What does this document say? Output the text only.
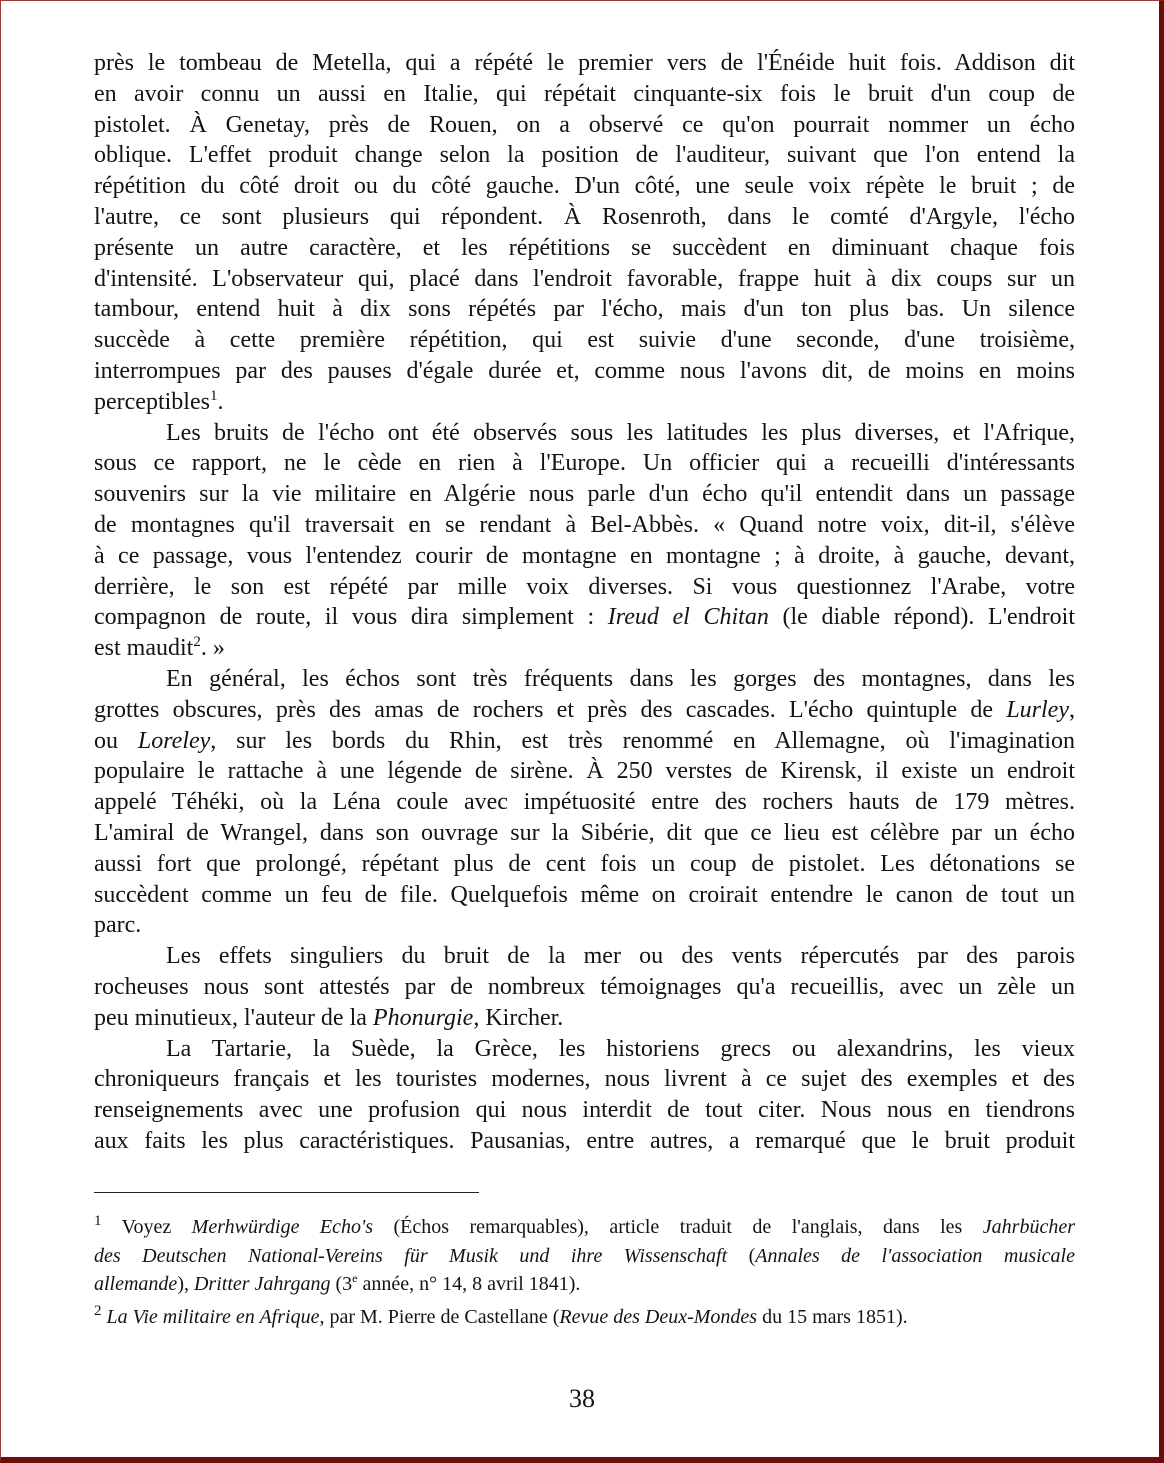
près le tombeau de Metella, qui a répété le premier vers de l'Énéide huit fois. Addison dit
en avoir connu un aussi en Italie, qui répétait cinquante-six fois le bruit d'un coup de
pistolet. À Genetay, près de Rouen, on a observé ce qu'on pourrait nommer un écho
oblique. L'effet produit change selon la position de l'auditeur, suivant que l'on entend la
répétition du côté droit ou du côté gauche. D'un côté, une seule voix répète le bruit ; de
l'autre, ce sont plusieurs qui répondent. À Rosenroth, dans le comté d'Argyle, l'écho
présente un autre caractère, et les répétitions se succèdent en diminuant chaque fois
d'intensité. L'observateur qui, placé dans l'endroit favorable, frappe huit à dix coups sur un
tambour, entend huit à dix sons répétés par l'écho, mais d'un ton plus bas. Un silence
succède à cette première répétition, qui est suivie d'une seconde, d'une troisième,
interrompues par des pauses d'égale durée et, comme nous l'avons dit, de moins en moins
perceptibles$^1$.
Les bruits de l'écho ont été observés sous les latitudes les plus diverses, et l'Afrique,
sous ce rapport, ne le cède en rien à l'Europe. Un officier qui a recueilli d'intéressants
souvenirs sur la vie militaire en Algérie nous parle d'un écho qu'il entendit dans un passage
de montagnes qu'il traversait en se rendant à Bel-Abbès. « Quand notre voix, dit-il, s'élève
à ce passage, vous l'entendez courir de montagne en montagne ; à droite, à gauche, devant,
derrière, le son est répété par mille voix diverses. Si vous questionnez l'Arabe, votre
compagnon de route, il vous dira simplement : Ireud el Chitan (le diable répond). L'endroit
est maudit$^2$. »
En général, les échos sont très fréquents dans les gorges des montagnes, dans les
grottes obscures, près des amas de rochers et près des cascades. L'écho quintuple de Lurley,
ou Loreley, sur les bords du Rhin, est très renommé en Allemagne, où l'imagination
populaire le rattache à une légende de sirène. À 250 verstes de Kirensk, il existe un endroit
appelé Téhéki, où la Léna coule avec impétuosité entre des rochers hauts de 179 mètres.
L'amiral de Wrangel, dans son ouvrage sur la Sibérie, dit que ce lieu est célèbre par un écho
aussi fort que prolongé, répétant plus de cent fois un coup de pistolet. Les détonations se
succèdent comme un feu de file. Quelquefois même on croirait entendre le canon de tout un
parc.
Les effets singuliers du bruit de la mer ou des vents répercutés par des parois
rocheuses nous sont attestés par de nombreux témoignages qu'a recueillis, avec un zèle un
peu minutieux, l'auteur de la Phonurgie, Kircher.
La Tartarie, la Suède, la Grèce, les historiens grecs ou alexandrins, les vieux
chroniqueurs français et les touristes modernes, nous livrent à ce sujet des exemples et des
renseignements avec une profusion qui nous interdit de tout citer. Nous nous en tiendrons
aux faits les plus caractéristiques. Pausanias, entre autres, a remarqué que le bruit produit
$^1$ Voyez Merhwürdige Echo's (Échos remarquables), article traduit de l'anglais, dans les Jahrbücher
des Deutschen National-Vereins für Musik und ihre Wissenschaft (Annales de l'association musicale
allemande), Dritter Jahrgang (3e année, n° 14, 8 avril 1841).
$^2$ La Vie militaire en Afrique, par M. Pierre de Castellane (Revue des Deux-Mondes du 15 mars 1851).
38
